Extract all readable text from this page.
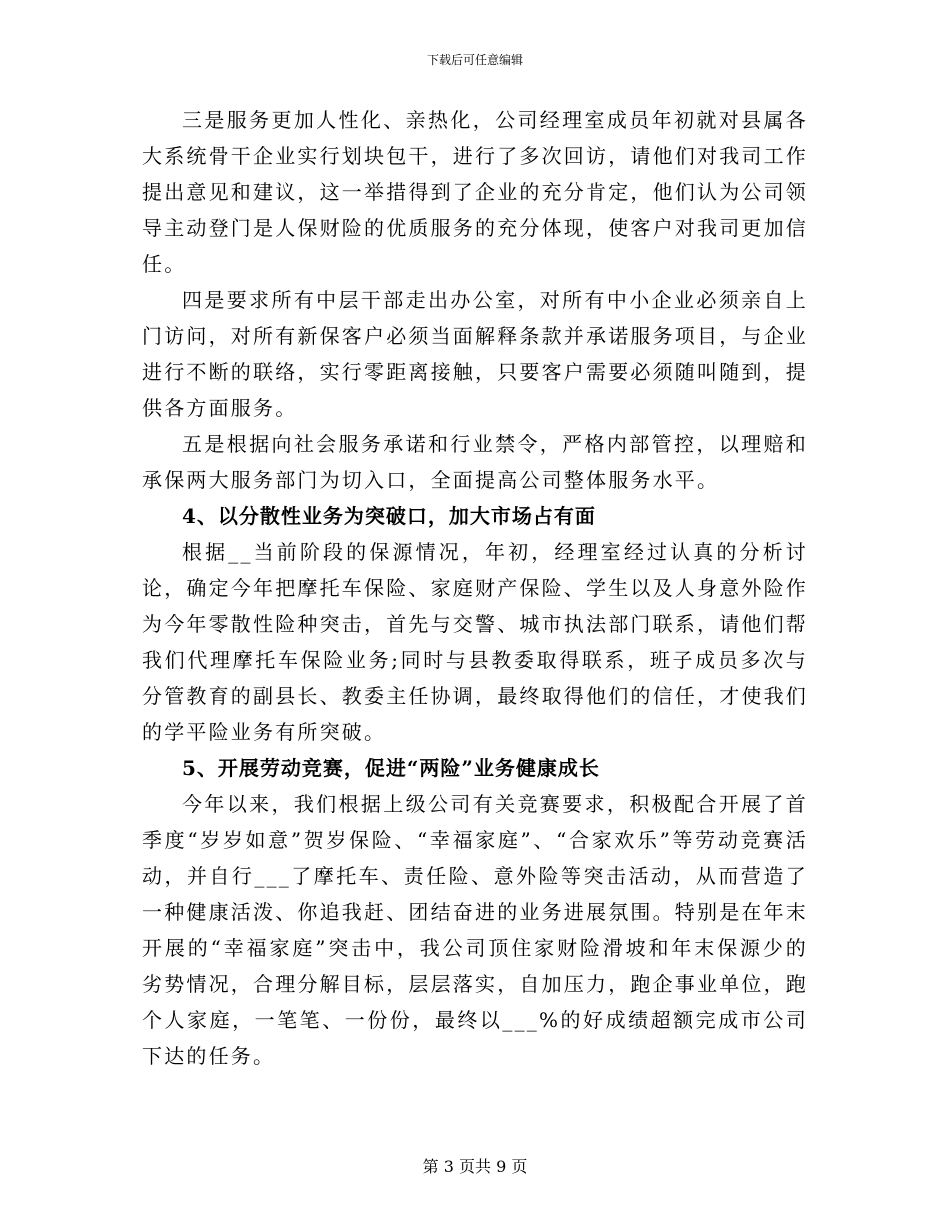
下载后可任意编辑

三是服务更加人性化、亲热化，公司经理室成员年初就对县属各大系统骨干企业实行划块包干，进行了多次回访，请他们对我司工作提出意见和建议，这一举措得到了企业的充分肯定，他们认为公司领导主动登门是人保财险的优质服务的充分体现，使客户对我司更加信任。

四是要求所有中层干部走出办公室，对所有中小企业必须亲自上门访问，对所有新保客户必须当面解释条款并承诺服务项目，与企业进行不断的联络，实行零距离接触，只要客户需要必须随叫随到，提供各方面服务。

五是根据向社会服务承诺和行业禁令，严格内部管控，以理赔和承保两大服务部门为切入口，全面提高公司整体服务水平。

4、以分散性业务为突破口，加大市场占有面

根据__当前阶段的保源情况，年初，经理室经过认真的分析讨论，确定今年把摩托车保险、家庭财产保险、学生以及人身意外险作为今年零散性险种突击，首先与交警、城市执法部门联系，请他们帮我们代理摩托车保险业务;同时与县教委取得联系，班子成员多次与分管教育的副县长、教委主任协调，最终取得他们的信任，才使我们的学平险业务有所突破。

5、开展劳动竞赛，促进“两险”业务健康成长

今年以来，我们根据上级公司有关竞赛要求，积极配合开展了首季度“岁岁如意”贺岁保险、“幸福家庭”、“合家欢乐”等劳动竞赛活动，并自行___了摩托车、责任险、意外险等突击活动，从而营造了一种健康活泼、你追我赶、团结奋进的业务进展氛围。特别是在年末开展的“幸福家庭”突击中，我公司顶住家财险滑坡和年末保源少的劣势情况，合理分解目标，层层落实，自加压力，跑企事业单位，跑个人家庭，一笔笔、一份份，最终以___%的好成绩超额完成市公司下达的任务。

第 3 页共 9 页
